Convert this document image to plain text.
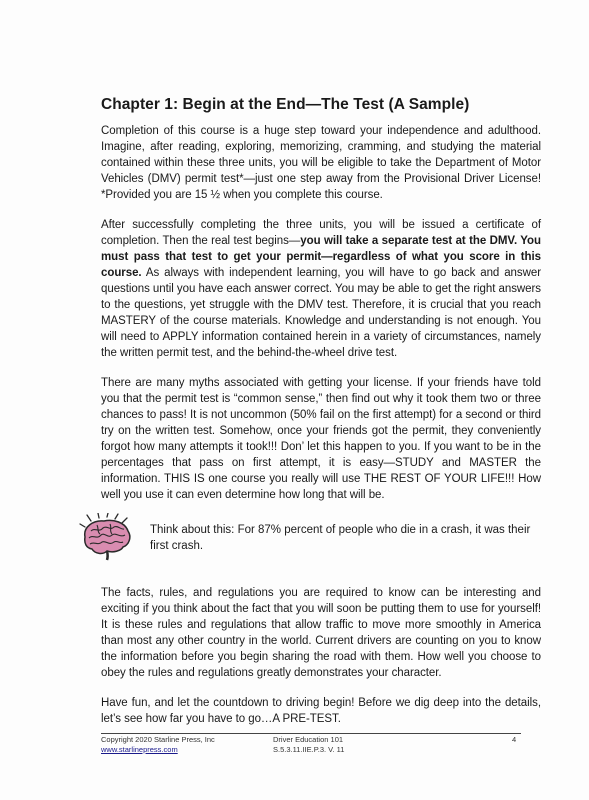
Chapter 1: Begin at the End—The Test (A Sample)

Completion of this course is a huge step toward your independence and adulthood. Imagine, after reading, exploring, memorizing, cramming, and studying the material contained within these three units, you will be eligible to take the Department of Motor Vehicles (DMV) permit test*—just one step away from the Provisional Driver License! *Provided you are 15 ½ when you complete this course.

After successfully completing the three units, you will be issued a certificate of completion. Then the real test begins—you will take a separate test at the DMV. You must pass that test to get your permit—regardless of what you score in this course. As always with independent learning, you will have to go back and answer questions until you have each answer correct. You may be able to get the right answers to the questions, yet struggle with the DMV test. Therefore, it is crucial that you reach MASTERY of the course materials. Knowledge and understanding is not enough. You will need to APPLY information contained herein in a variety of circumstances, namely the written permit test, and the behind-the-wheel drive test.

There are many myths associated with getting your license. If your friends have told you that the permit test is “common sense,” then find out why it took them two or three chances to pass! It is not uncommon (50% fail on the first attempt) for a second or third try on the written test. Somehow, once your friends got the permit, they conveniently forgot how many attempts it took!!! Don’ let this happen to you. If you want to be in the percentages that pass on first attempt, it is easy—STUDY and MASTER the information. THIS IS one course you really will use THE REST OF YOUR LIFE!!! How well you use it can even determine how long that will be.

Think about this: For 87% percent of people who die in a crash, it was their first crash.

The facts, rules, and regulations you are required to know can be interesting and exciting if you think about the fact that you will soon be putting them to use for yourself! It is these rules and regulations that allow traffic to move more smoothly in America than most any other country in the world. Current drivers are counting on you to know the information before you begin sharing the road with them. How well you choose to obey the rules and regulations greatly demonstrates your character.

Have fun, and let the countdown to driving begin! Before we dig deep into the details, let’s see how far you have to go…A PRE-TEST.

Copyright 2020 Starline Press, Inc
www.starlinepress.com
Driver Education 101
S.5.3.11.IIE.P.3. V. 11
4
